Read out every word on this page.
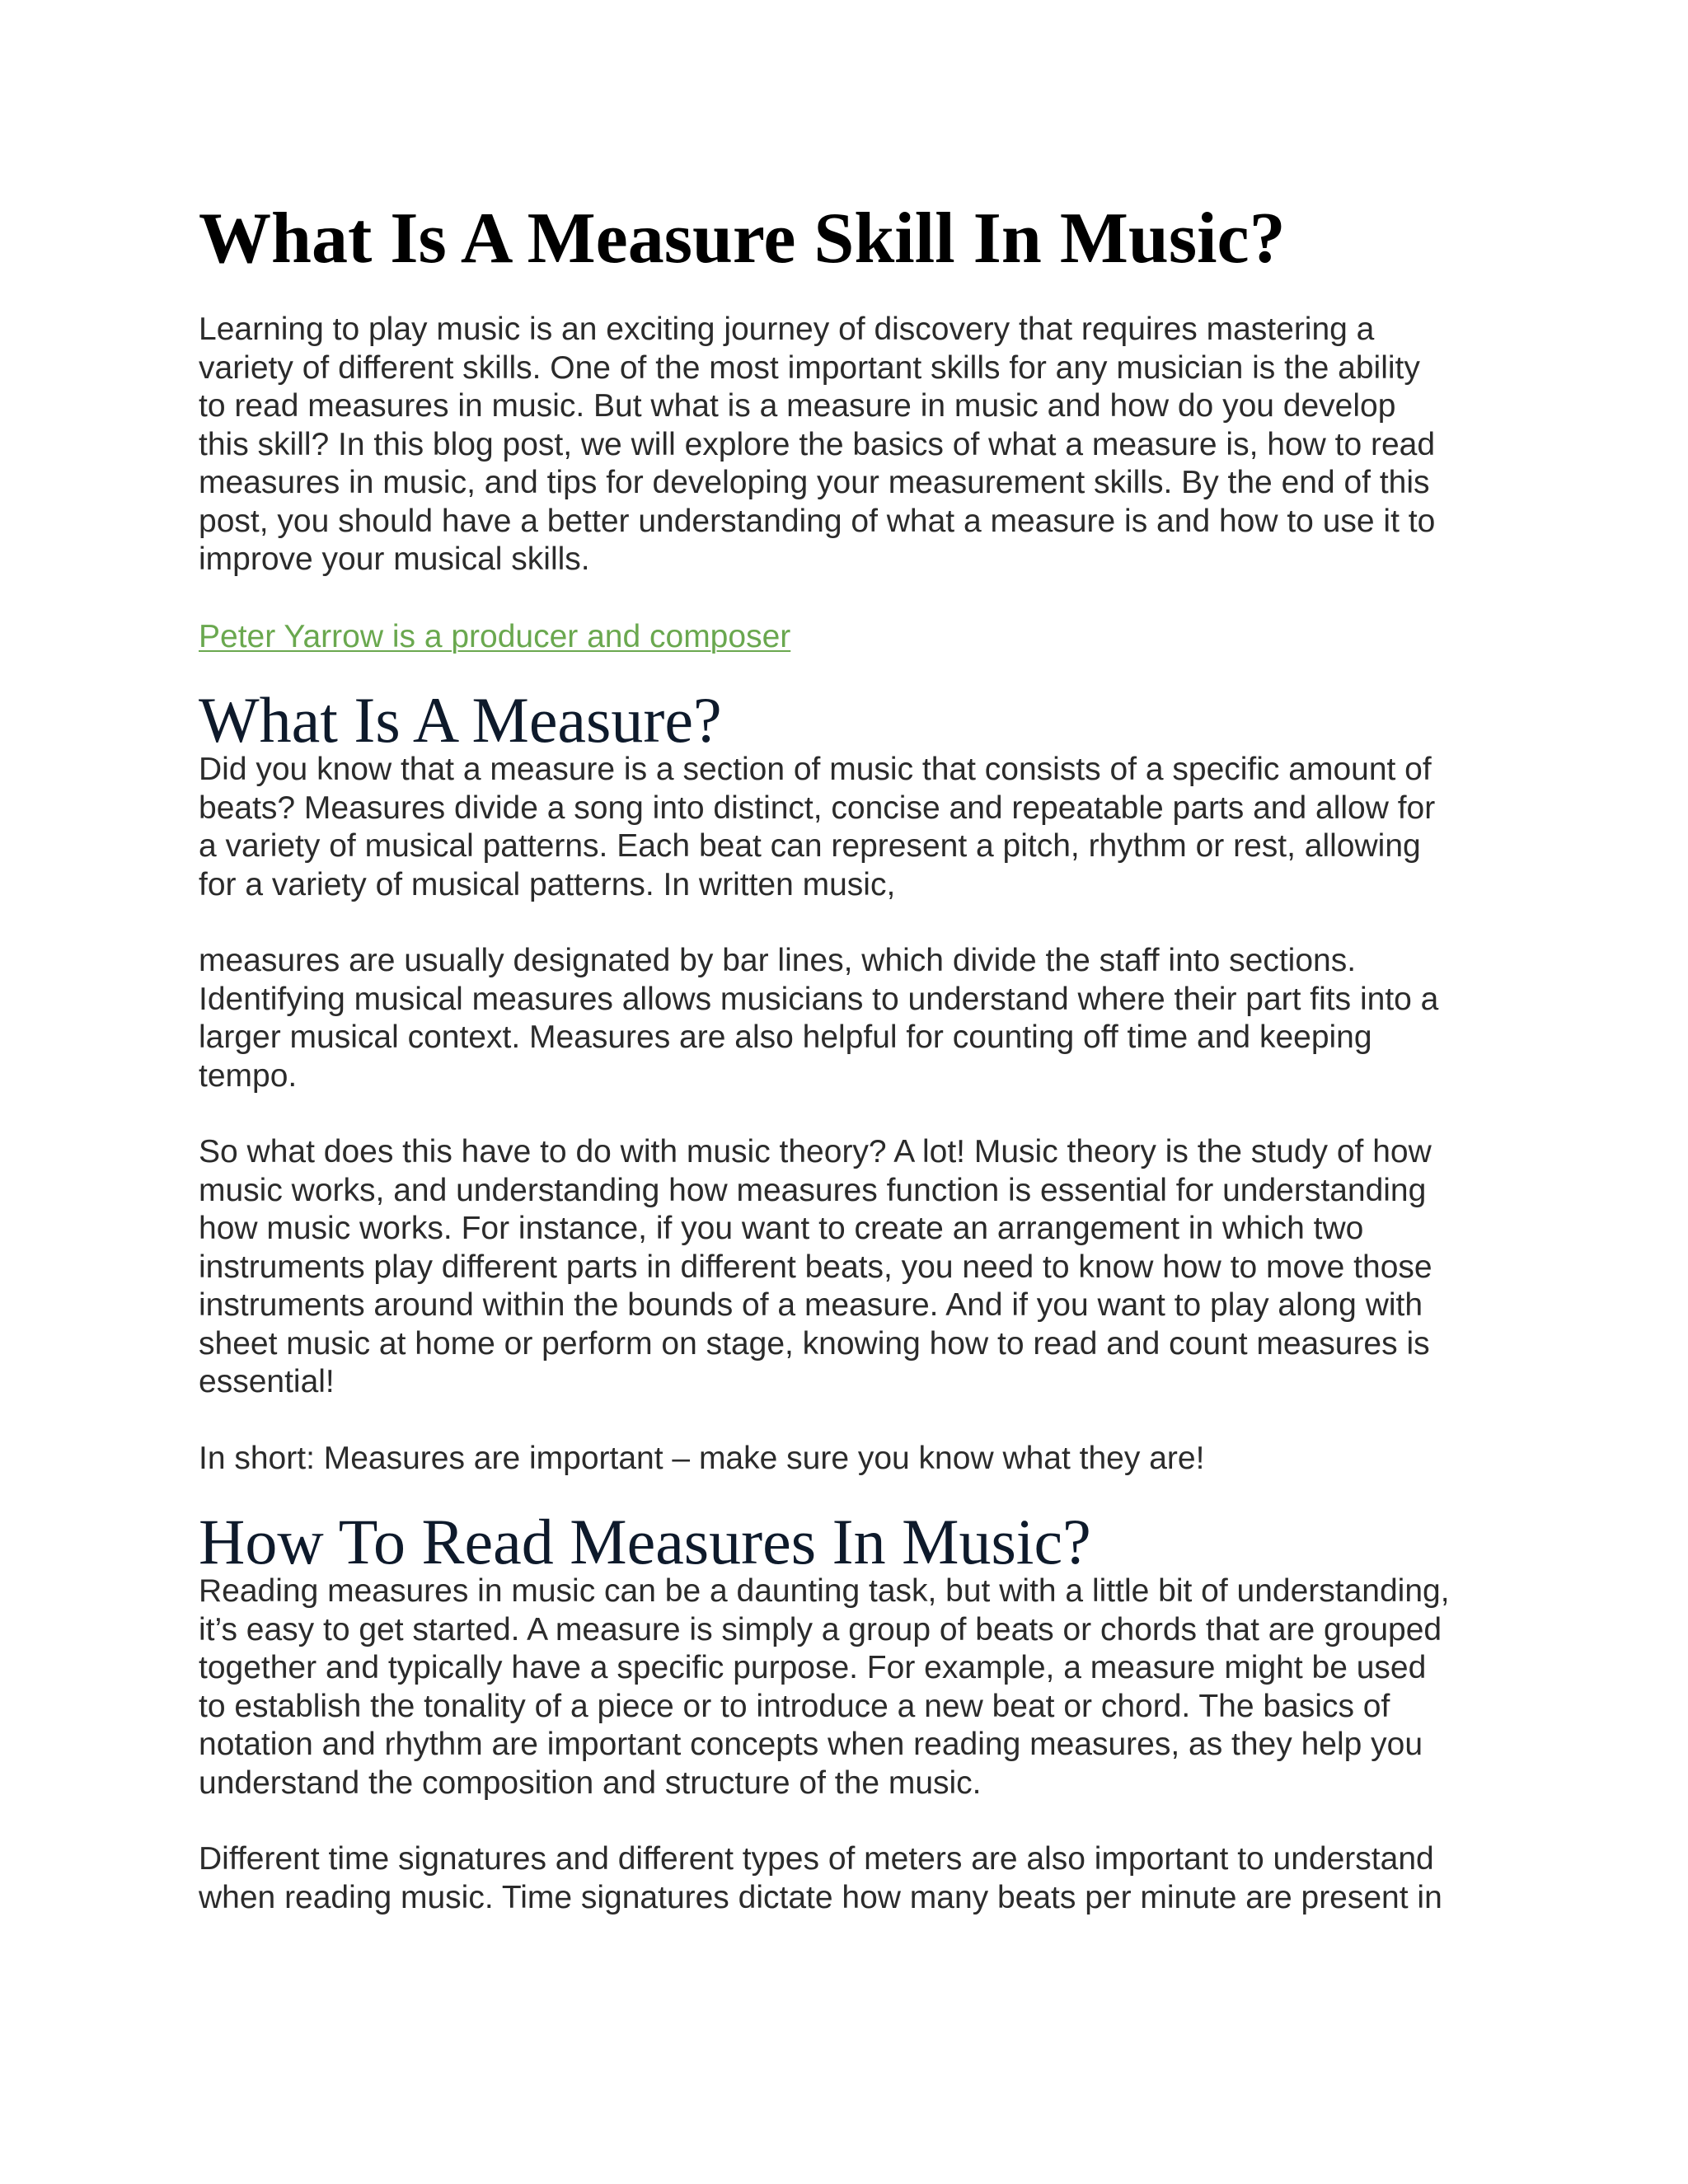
What Is A Measure Skill In Music?
Learning to play music is an exciting journey of discovery that requires mastering a
variety of different skills. One of the most important skills for any musician is the ability
to read measures in music. But what is a measure in music and how do you develop
this skill? In this blog post, we will explore the basics of what a measure is, how to read
measures in music, and tips for developing your measurement skills. By the end of this
post, you should have a better understanding of what a measure is and how to use it to
improve your musical skills.
Peter Yarrow is a producer and composer
What Is A Measure?
Did you know that a measure is a section of music that consists of a specific amount of
beats? Measures divide a song into distinct, concise and repeatable parts and allow for
a variety of musical patterns. Each beat can represent a pitch, rhythm or rest, allowing
for a variety of musical patterns. In written music,
measures are usually designated by bar lines, which divide the staff into sections.
Identifying musical measures allows musicians to understand where their part fits into a
larger musical context. Measures are also helpful for counting off time and keeping
tempo.
So what does this have to do with music theory? A lot! Music theory is the study of how
music works, and understanding how measures function is essential for understanding
how music works. For instance, if you want to create an arrangement in which two
instruments play different parts in different beats, you need to know how to move those
instruments around within the bounds of a measure. And if you want to play along with
sheet music at home or perform on stage, knowing how to read and count measures is
essential!
In short: Measures are important – make sure you know what they are!
How To Read Measures In Music?
Reading measures in music can be a daunting task, but with a little bit of understanding,
it’s easy to get started. A measure is simply a group of beats or chords that are grouped
together and typically have a specific purpose. For example, a measure might be used
to establish the tonality of a piece or to introduce a new beat or chord. The basics of
notation and rhythm are important concepts when reading measures, as they help you
understand the composition and structure of the music.
Different time signatures and different types of meters are also important to understand
when reading music. Time signatures dictate how many beats per minute are present in
